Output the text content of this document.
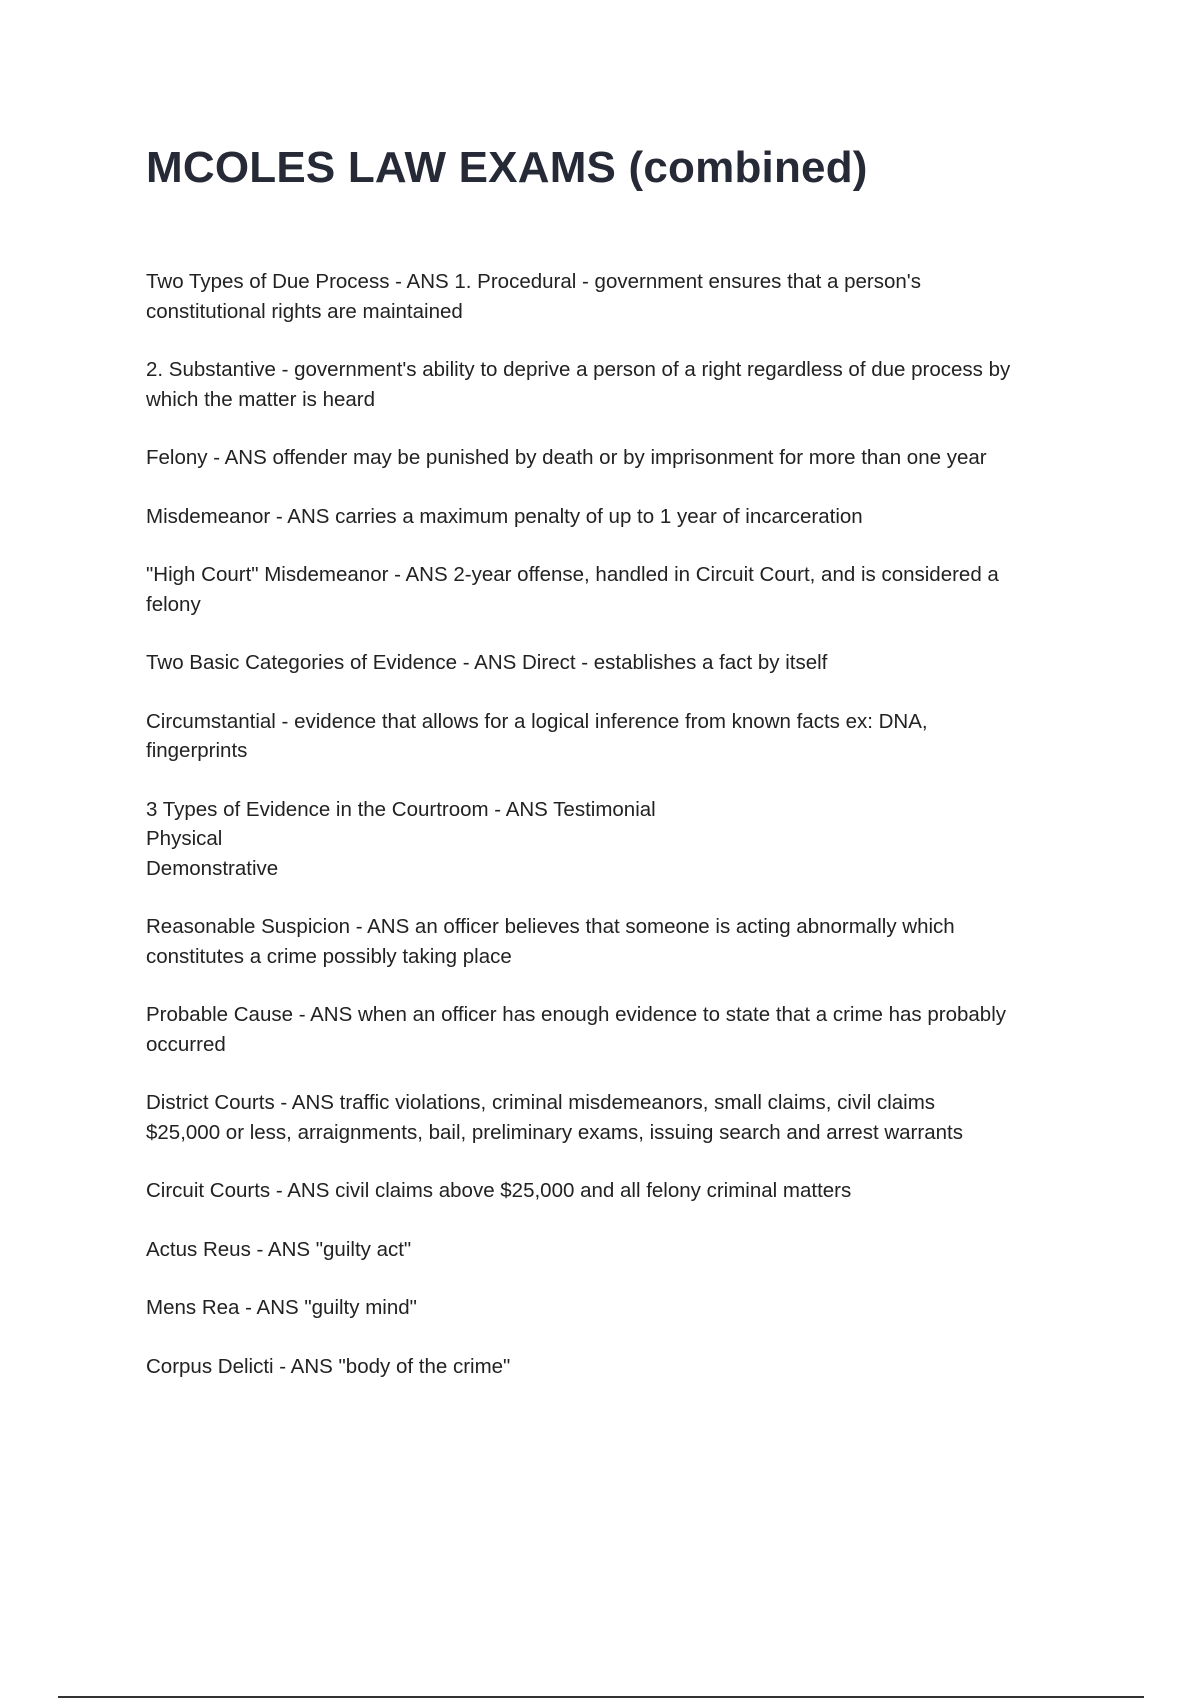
MCOLES LAW EXAMS (combined)

Two Types of Due Process - ANS 1. Procedural - government ensures that a person's
constitutional rights are maintained

2. Substantive - government's ability to deprive a person of a right regardless of due process by
which the matter is heard

Felony - ANS offender may be punished by death or by imprisonment for more than one year

Misdemeanor - ANS carries a maximum penalty of up to 1 year of incarceration

"High Court" Misdemeanor - ANS 2-year offense, handled in Circuit Court, and is considered a
felony

Two Basic Categories of Evidence - ANS Direct - establishes a fact by itself

Circumstantial - evidence that allows for a logical inference from known facts ex: DNA,
fingerprints

3 Types of Evidence in the Courtroom - ANS Testimonial
Physical
Demonstrative

Reasonable Suspicion - ANS an officer believes that someone is acting abnormally which
constitutes a crime possibly taking place

Probable Cause - ANS when an officer has enough evidence to state that a crime has probably
occurred

District Courts - ANS traffic violations, criminal misdemeanors, small claims, civil claims
$25,000 or less, arraignments, bail, preliminary exams, issuing search and arrest warrants

Circuit Courts - ANS civil claims above $25,000 and all felony criminal matters

Actus Reus - ANS "guilty act"

Mens Rea - ANS "guilty mind"

Corpus Delicti - ANS "body of the crime"
